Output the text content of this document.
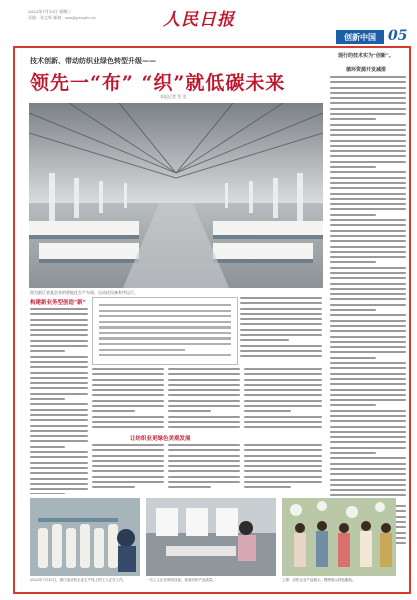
2022年7月13日 星期三
责编：张文辉 邮箱：xxx@people.cn	人民日报
创新中国 05
技术创新、带动纺织业绿色转型升级——
领先一“布” “织”就低碳未来
本报记者 蔡 浩
图为浙江省某企业的智能化生产车间，自动化设备有序运行。
现行的技术实为“创新”。
循环资源开发减排
构建新业务型创造“新”
让纺织业更绿色美观发展
2022年7月12日，浙江某纺织企业生产线上的工人正在工作。	一名工人正在调试设备，检查纺织产品质量。	上图：纺织企业产品展示，模特展示绿色服装。
